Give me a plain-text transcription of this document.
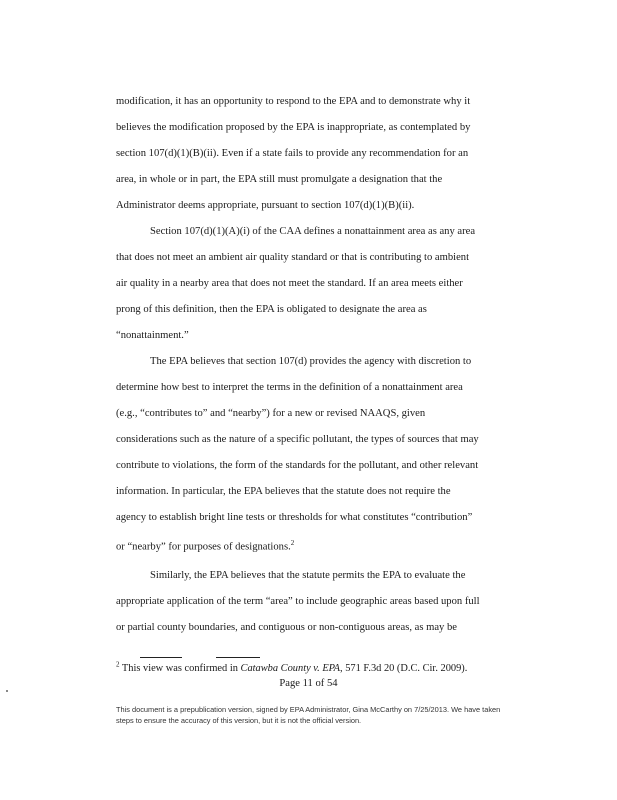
modification, it has an opportunity to respond to the EPA and to demonstrate why it
believes the modification proposed by the EPA is inappropriate, as contemplated by
section 107(d)(1)(B)(ii). Even if a state fails to provide any recommendation for an
area, in whole or in part, the EPA still must promulgate a designation that the
Administrator deems appropriate, pursuant to section 107(d)(1)(B)(ii).
Section 107(d)(1)(A)(i) of the CAA defines a nonattainment area as any area
that does not meet an ambient air quality standard or that is contributing to ambient
air quality in a nearby area that does not meet the standard. If an area meets either
prong of this definition, then the EPA is obligated to designate the area as
“nonattainment.”
The EPA believes that section 107(d) provides the agency with discretion to
determine how best to interpret the terms in the definition of a nonattainment area
(e.g., “contributes to” and “nearby”) for a new or revised NAAQS, given
considerations such as the nature of a specific pollutant, the types of sources that may
contribute to violations, the form of the standards for the pollutant, and other relevant
information. In particular, the EPA believes that the statute does not require the
agency to establish bright line tests or thresholds for what constitutes “contribution”
or “nearby” for purposes of designations.$^2$
Similarly, the EPA believes that the statute permits the EPA to evaluate the
appropriate application of the term “area” to include geographic areas based upon full
or partial county boundaries, and contiguous or non-contiguous areas, as may be
$^2$ This view was confirmed in Catawba County v. EPA, 571 F.3d 20 (D.C. Cir. 2009).
Page 11 of 54
This document is a prepublication version, signed by EPA Administrator, Gina McCarthy on 7/25/2013. We have taken steps to ensure the accuracy of this version, but it is not the official version.
